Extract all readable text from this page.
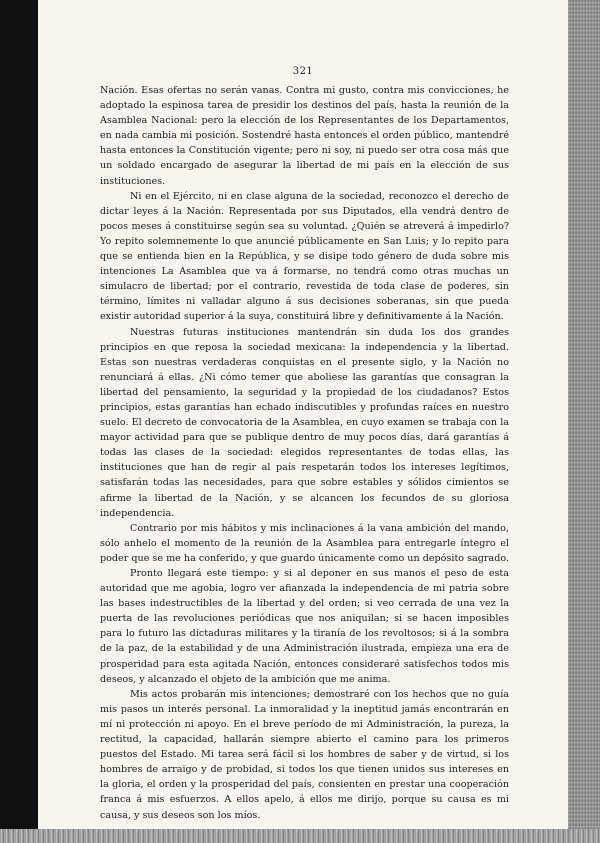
321

Nación. Esas ofertas no serán vanas. Contra mi gusto, contra mis convicciones, he adoptado la espinosa tarea de presidir los destinos del país, hasta la reunión de la Asamblea Nacional: pero la elección de los Representantes de los Departamentos, en nada cambia mi posición. Sostendré hasta entonces el orden público, mantendré hasta entonces la Constitución vigente; pero ni soy, ni puedo ser otra cosa más que un soldado encargado de asegurar la libertad de mi país en la elección de sus instituciones.

Ni en el Ejército, ni en clase alguna de la sociedad, reconozco el derecho de dictar leyes á la Nación. Representada por sus Diputados, ella vendrá dentro de pocos meses á constituirse según sea su voluntad. ¿Quién se atreverá á impedirlo? Yo repito solemnemente lo que anuncié públicamente en San Luis; y lo repito para que se entienda bien en la República, y se disipe todo género de duda sobre mis intenciones La Asamblea que va á formarse, no tendrá como otras muchas un simulacro de libertad; por el contrario, revestida de toda clase de poderes, sin término, límites ni valladar alguno á sus decisiones soberanas, sin que pueda existir autoridad superior á la suya, constituirá libre y definitivamente á la Nación.

Nuestras futuras instituciones mantendrán sin duda los dos grandes principios en que reposa la sociedad mexicana: la independencia y la libertad. Estas son nuestras verdaderas conquistas en el presente siglo, y la Nación no renunciará á ellas. ¿Ni cómo temer que aboliese las garantías que consagran la libertad del pensamiento, la seguridad y la propiedad de los ciudadanos? Estos principios, estas garantías han echado indiscutibles y profundas raíces en nuestro suelo. El decreto de convocatoria de la Asamblea, en cuyo examen se trabaja con la mayor actividad para que se publique dentro de muy pocos días, dará garantías á todas las clases de la sociedad: elegidos representantes de todas ellas, las instituciones que han de regir al país respetarán todos los intereses legítimos, satisfarán todas las necesidades, para que sobre estables y sólidos cimientos se afirme la libertad de la Nación, y se alcancen los fecundos de su gloriosa independencia.

Contrario por mis hábitos y mis inclinaciones á la vana ambición del mando, sólo anhelo el momento de la reunión de la Asamblea para entregarle íntegro el poder que se me ha conferido, y que guardo únicamente como un depósito sagrado.

Pronto llegará este tiempo: y si al deponer en sus manos el peso de esta autoridad que me agobia, logro ver afianzada la independencia de mi patria sobre las bases indestructibles de la libertad y del orden; si veo cerrada de una vez la puerta de las revoluciones periódicas que nos aniquilan; si se hacen imposibles para lo futuro las dictaduras militares y la tiranía de los revoltosos; si á la sombra de la paz, de la estabilidad y de una Administración ilustrada, empieza una era de prosperidad para esta agitada Nación, entonces consideraré satisfechos todos mis deseos, y alcanzado el objeto de la ambición que me anima.

Mis actos probarán mis intenciones; demostraré con los hechos que no guía mis pasos un interés personal. La inmoralidad y la ineptitud jamás encontrarán en mí ni protección ni apoyo. En el breve período de mi Administración, la pureza, la rectitud, la capacidad, hallarán siempre abierto el camino para los primeros puestos del Estado. Mi tarea será fácil si los hombres de saber y de virtud, si los hombres de arraigo y de probidad, si todos los que tienen unidos sus intereses en la gloria, el orden y la prosperidad del país, consienten en prestar una cooperación franca á mis esfuerzos. A ellos apelo, á ellos me dirijo, porque su causa es mi causa, y sus deseos son los míos.
